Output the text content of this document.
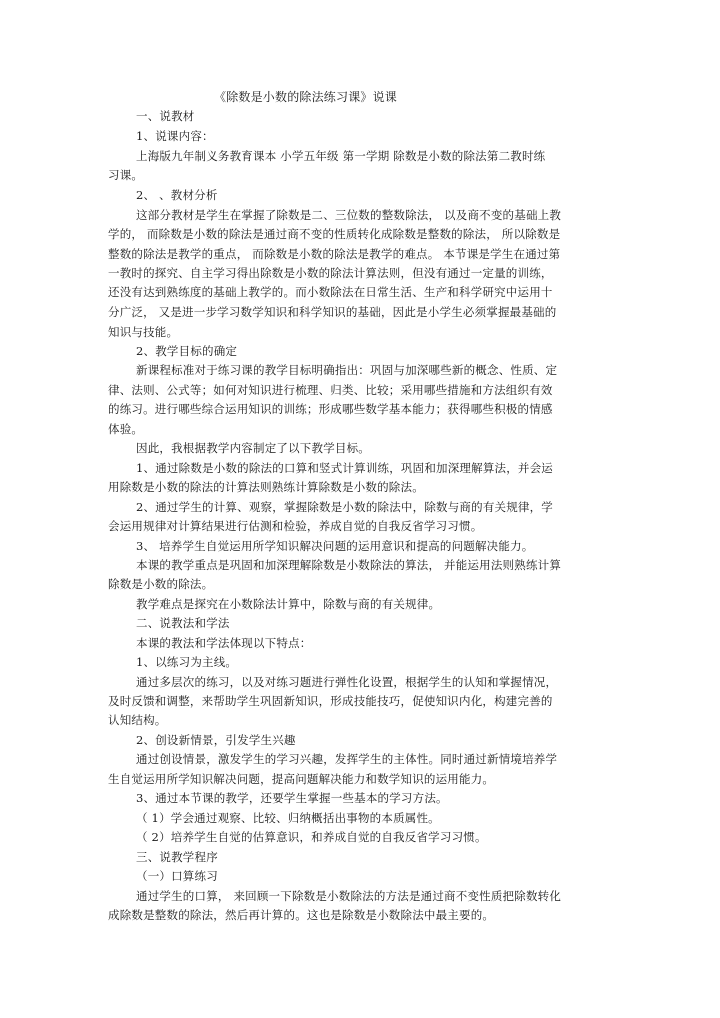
《除数是小数的除法练习课》说课
一、说教材
1、说课内容：
上海版九年制义务教育课本 小学五年级 第一学期 除数是小数的除法第二教时练
习课。
2、 、教材分析
这部分教材是学生在掌握了除数是二、三位数的整数除法， 以及商不变的基础上教
学的， 而除数是小数的除法是通过商不变的性质转化成除数是整数的除法， 所以除数是
整数的除法是教学的重点， 而除数是小数的除法是教学的难点。 本节课是学生在通过第
一教时的探究、自主学习得出除数是小数的除法计算法则，但没有通过一定量的训练，
还没有达到熟练度的基础上教学的。而小数除法在日常生活、生产和科学研究中运用十
分广泛， 又是进一步学习数学知识和科学知识的基础，因此是小学生必须掌握最基础的
知识与技能。
2、教学目标的确定
新课程标准对于练习课的教学目标明确指出：巩固与加深哪些新的概念、性质、定
律、法则、公式等；如何对知识进行梳理、归类、比较；采用哪些措施和方法组织有效
的练习。进行哪些综合运用知识的训练；形成哪些数学基本能力；获得哪些积极的情感
体验。
因此，我根据教学内容制定了以下教学目标。
1、通过除数是小数的除法的口算和竖式计算训练，巩固和加深理解算法，并会运
用除数是小数的除法的计算法则熟练计算除数是小数的除法。
2、通过学生的计算、观察，掌握除数是小数的除法中，除数与商的有关规律，学
会运用规律对计算结果进行估测和检验，养成自觉的自我反省学习习惯。
3、 培养学生自觉运用所学知识解决问题的运用意识和提高的问题解决能力。
本课的教学重点是巩固和加深理解除数是小数除法的算法， 并能运用法则熟练计算
除数是小数的除法。
教学难点是探究在小数除法计算中，除数与商的有关规律。
二、说教法和学法
本课的教法和学法体现以下特点：
1、以练习为主线。
通过多层次的练习，以及对练习题进行弹性化设置，根据学生的认知和掌握情况，
及时反馈和调整，来帮助学生巩固新知识，形成技能技巧，促使知识内化，构建完善的
认知结构。
2、创设新情景，引发学生兴趣
通过创设情景，激发学生的学习兴趣，发挥学生的主体性。同时通过新情境培养学
生自觉运用所学知识解决问题，提高问题解决能力和数学知识的运用能力。
3、通过本节课的教学，还要学生掌握一些基本的学习方法。
（ 1）学会通过观察、比较、归纳概括出事物的本质属性。
（ 2）培养学生自觉的估算意识，和养成自觉的自我反省学习习惯。
三、说教学程序
（一）口算练习
通过学生的口算， 来回顾一下除数是小数除法的方法是通过商不变性质把除数转化
成除数是整数的除法，然后再计算的。这也是除数是小数除法中最主要的。
